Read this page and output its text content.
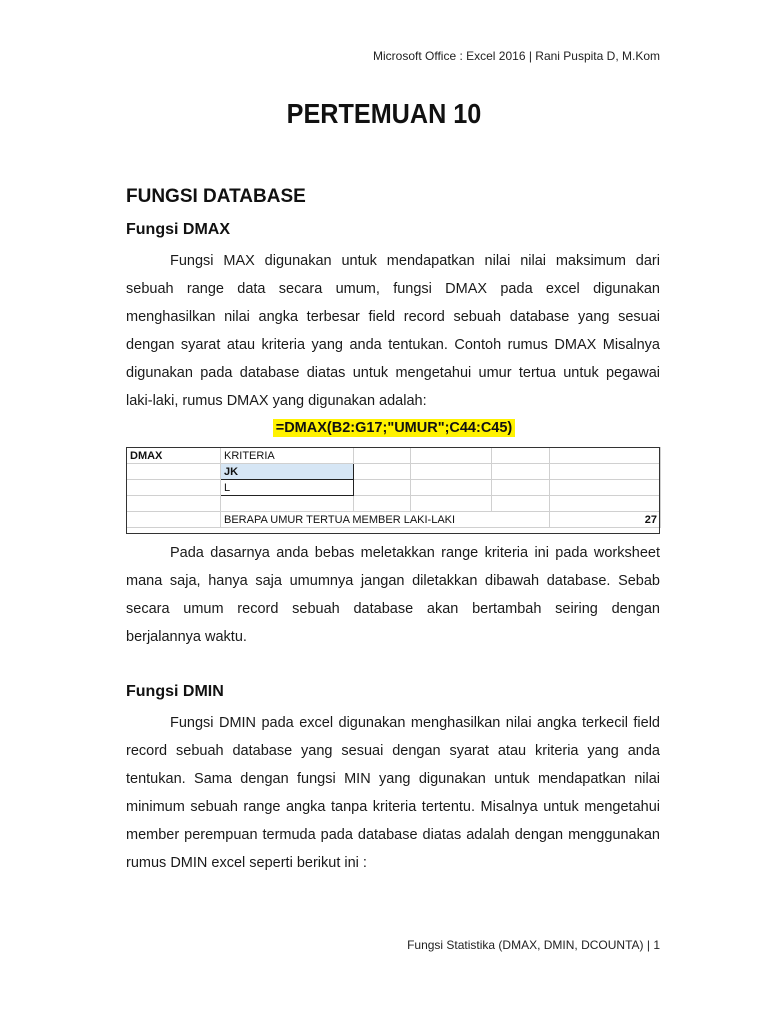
Microsoft Office : Excel 2016 | Rani Puspita D, M.Kom
PERTEMUAN 10
FUNGSI DATABASE
Fungsi DMAX

Fungsi MAX digunakan untuk mendapatkan nilai nilai maksimum dari sebuah range data secara umum, fungsi DMAX pada excel digunakan menghasilkan nilai angka terbesar field record sebuah database yang sesuai dengan syarat atau kriteria yang anda tentukan. Contoh rumus DMAX Misalnya digunakan pada database diatas untuk mengetahui umur tertua untuk pegawai laki-laki, rumus DMAX yang digunakan adalah:

=DMAX(B2:G17;"UMUR";C44:C45)
DMAX	KRITERIA				
	JK				
	L				

	BERAPA UMUR TERTUA MEMBER LAKI-LAKI				27

Pada dasarnya anda bebas meletakkan range kriteria ini pada worksheet mana saja, hanya saja umumnya jangan diletakkan dibawah database. Sebab secara umum record sebuah database akan bertambah seiring dengan berjalannya waktu.

Fungsi DMIN

Fungsi DMIN pada excel digunakan menghasilkan nilai angka terkecil field record sebuah database yang sesuai dengan syarat atau kriteria yang anda tentukan. Sama dengan fungsi MIN yang digunakan untuk mendapatkan nilai minimum sebuah range angka tanpa kriteria tertentu. Misalnya untuk mengetahui member perempuan termuda pada database diatas adalah dengan menggunakan rumus DMIN excel seperti berikut ini :

Fungsi Statistika (DMAX, DMIN, DCOUNTA) | 1
